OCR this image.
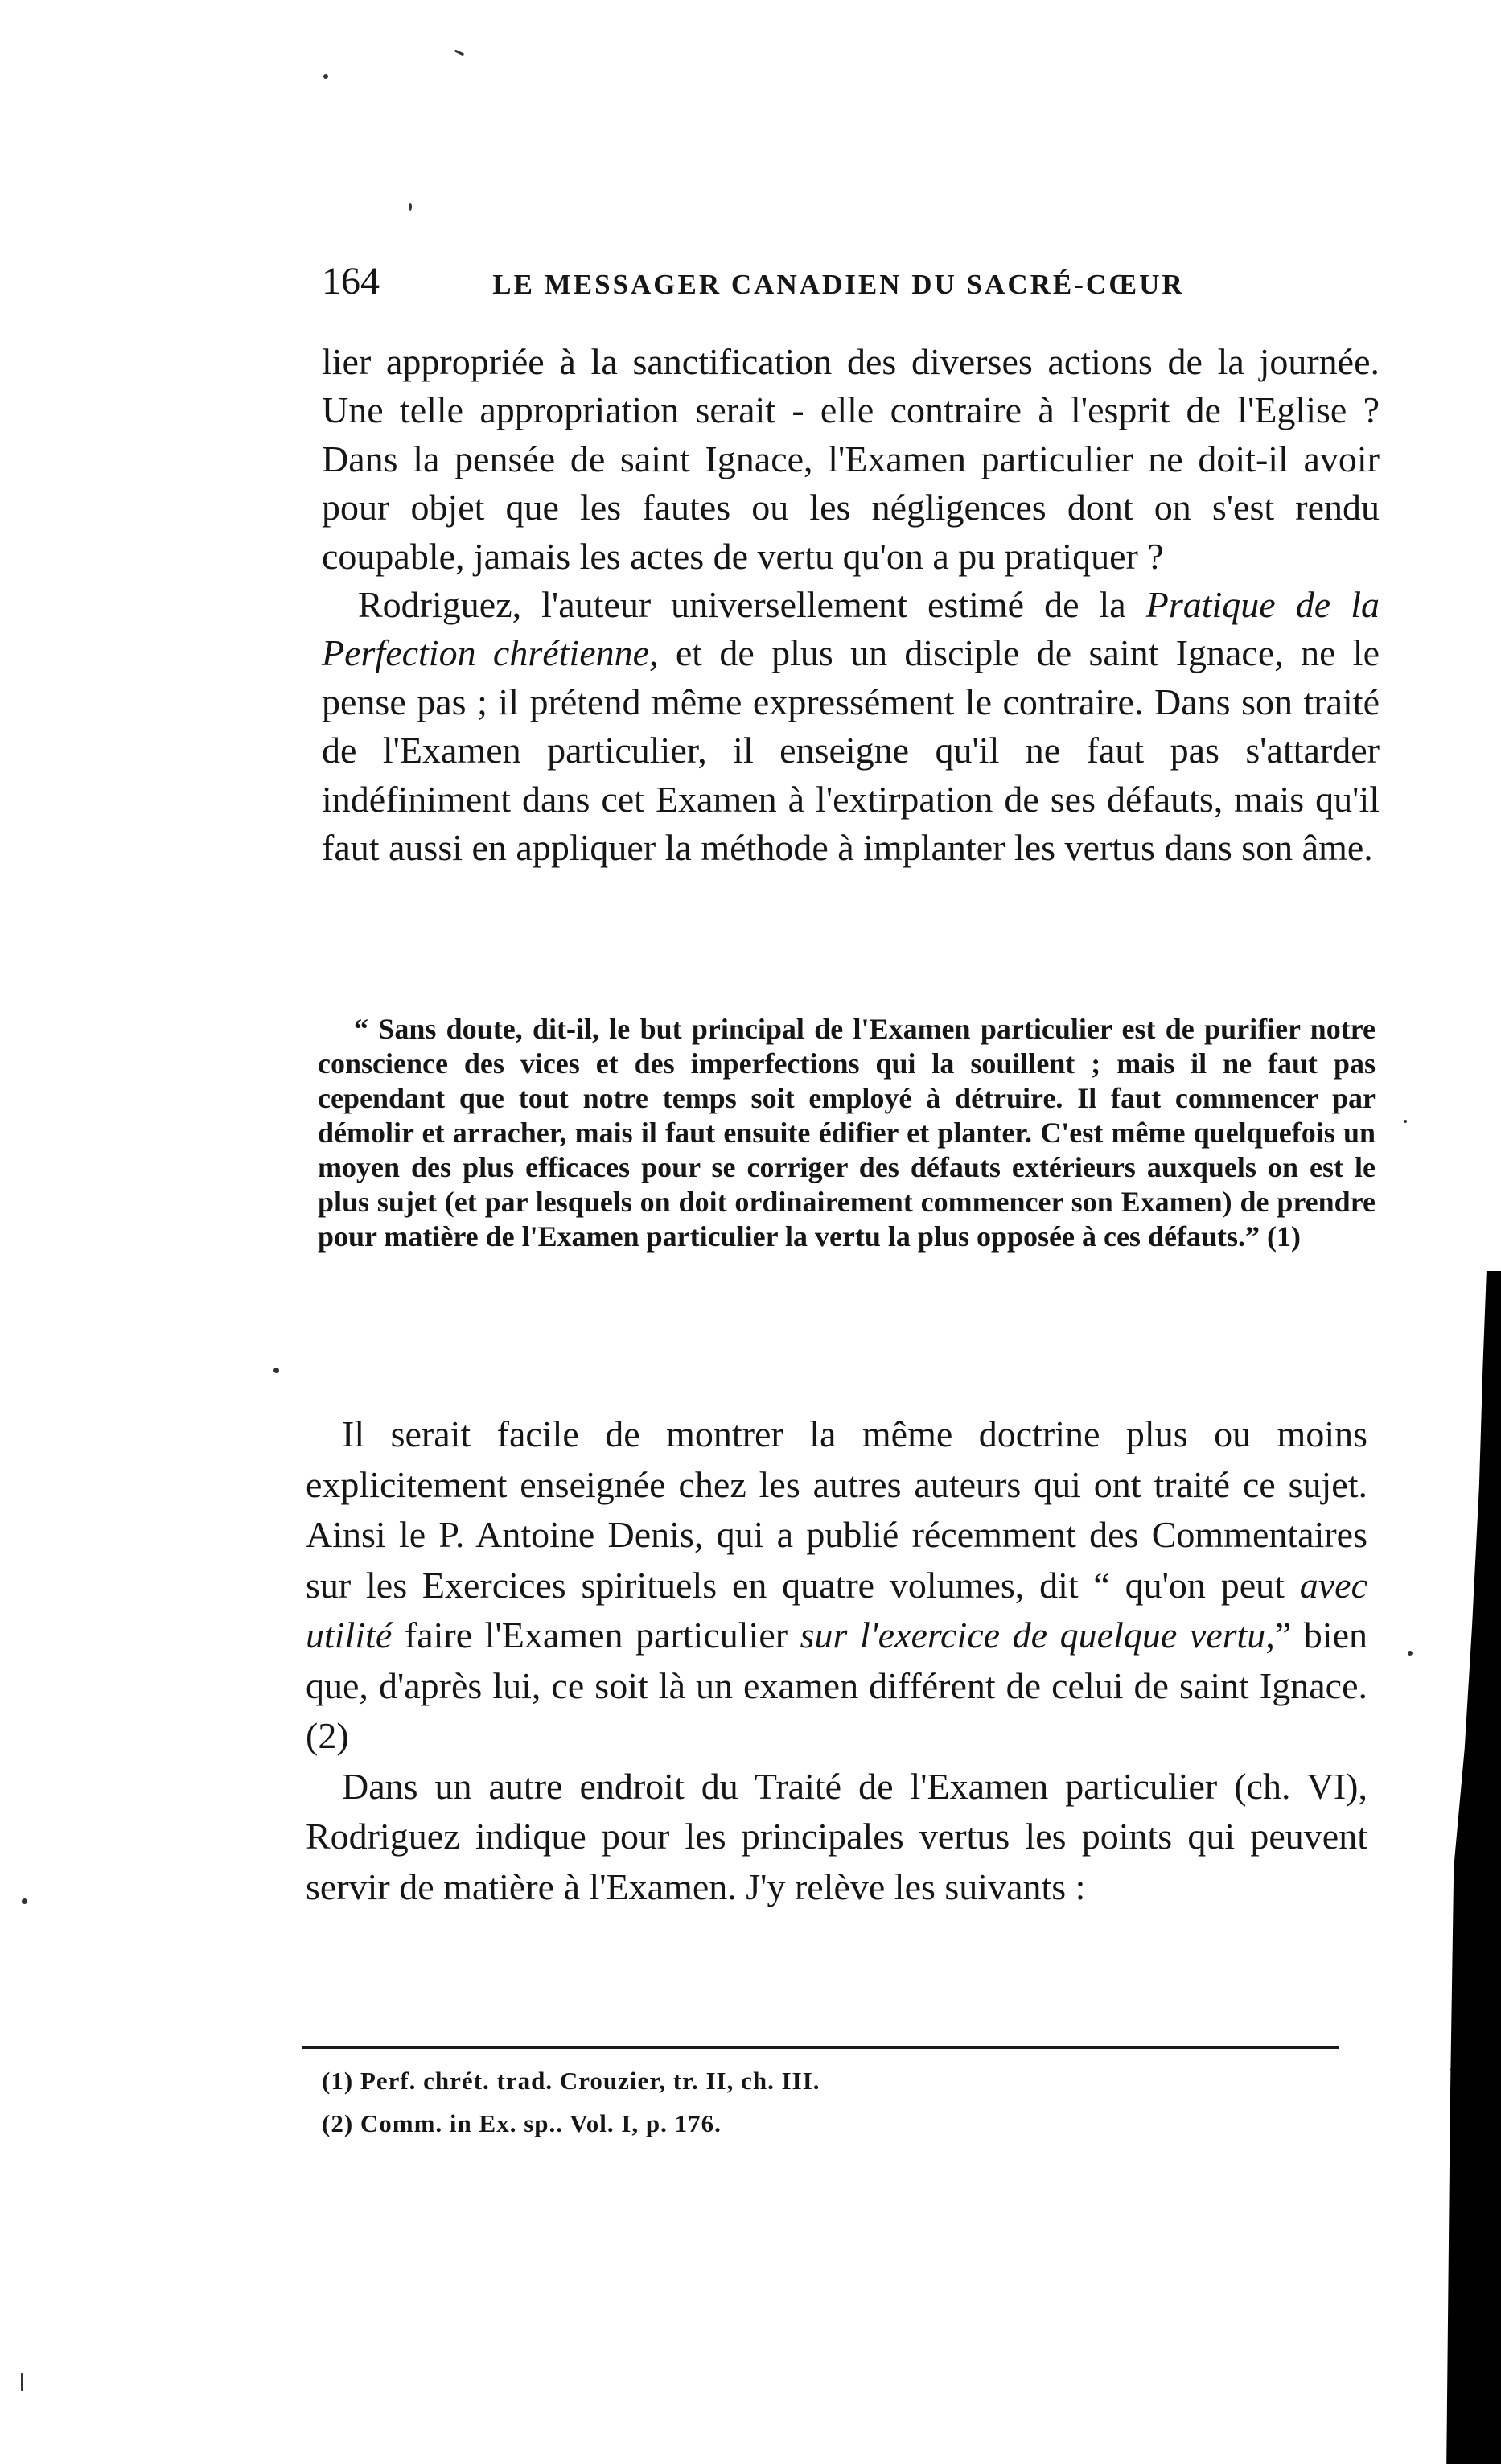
164	LE MESSAGER CANADIEN DU SACRÉ-CŒUR

lier appropriée à la sanctification des diverses actions de la journée. Une telle appropriation serait - elle contraire à l'esprit de l'Eglise ? Dans la pensée de saint Ignace, l'Examen particulier ne doit-il avoir pour objet que les fautes ou les négligences dont on s'est rendu coupable, jamais les actes de vertu qu'on a pu pratiquer ?

Rodriguez, l'auteur universellement estimé de la Pratique de la Perfection chrétienne, et de plus un disciple de saint Ignace, ne le pense pas ; il prétend même expressément le contraire. Dans son traité de l'Examen particulier, il enseigne qu'il ne faut pas s'attarder indéfiniment dans cet Examen à l'extirpation de ses défauts, mais qu'il faut aussi en appliquer la méthode à implanter les vertus dans son âme.

“ Sans doute, dit-il, le but principal de l'Examen particulier est de purifier notre conscience des vices et des imperfections qui la souillent ; mais il ne faut pas cependant que tout notre temps soit employé à détruire. Il faut commencer par démolir et arracher, mais il faut ensuite édifier et planter. C'est même quelquefois un moyen des plus efficaces pour se corriger des défauts extérieurs auxquels on est le plus sujet (et par lesquels on doit ordinairement commencer son Examen) de prendre pour matière de l'Examen particulier la vertu la plus opposée à ces défauts.” (1)

Il serait facile de montrer la même doctrine plus ou moins explicitement enseignée chez les autres auteurs qui ont traité ce sujet. Ainsi le P. Antoine Denis, qui a publié récemment des Commentaires sur les Exercices spirituels en quatre volumes, dit “ qu'on peut avec utilité faire l'Examen particulier sur l'exercice de quelque vertu,” bien que, d'après lui, ce soit là un examen différent de celui de saint Ignace. (2)

Dans un autre endroit du Traité de l'Examen particulier (ch. VI), Rodriguez indique pour les principales vertus les points qui peuvent servir de matière à l'Examen. J'y relève les suivants :

(1) Perf. chrét. trad. Crouzier, tr. II, ch. III.
(2) Comm. in Ex. sp.. Vol. I, p. 176.
